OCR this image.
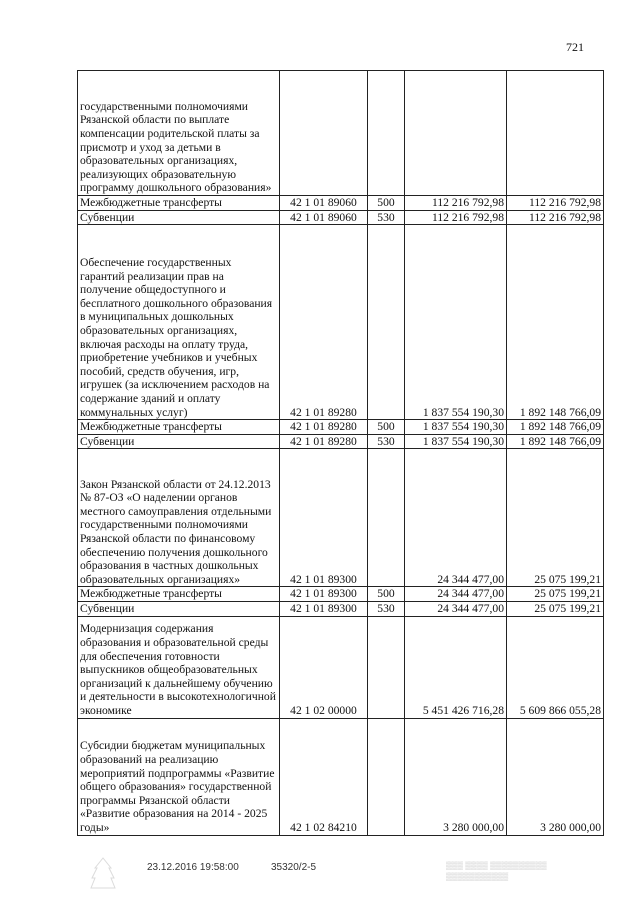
721
государственными полномочиями Рязанской области по выплате компенсации родительской платы за присмотр и уход за детьми в образовательных организациях, реализующих образовательную программу дошкольного образования»				
Межбюджетные трансферты	42 1 01 89060	500	112 216 792,98	112 216 792,98
Субвенции	42 1 01 89060	530	112 216 792,98	112 216 792,98
Обеспечение государственных гарантий реализации прав на получение общедоступного и бесплатного дошкольного образования в муниципальных дошкольных образовательных организациях, включая расходы на оплату труда, приобретение учебников и учебных пособий, средств обучения, игр, игрушек (за исключением расходов на содержание зданий и оплату коммунальных услуг)	42 1 01 89280		1 837 554 190,30	1 892 148 766,09
Межбюджетные трансферты	42 1 01 89280	500	1 837 554 190,30	1 892 148 766,09
Субвенции	42 1 01 89280	530	1 837 554 190,30	1 892 148 766,09
Закон Рязанской области от 24.12.2013 № 87-ОЗ «О наделении органов местного самоуправления отдельными государственными полномочиями Рязанской области по финансовому обеспечению получения дошкольного образования в частных дошкольных образовательных организациях»	42 1 01 89300		24 344 477,00	25 075 199,21
Межбюджетные трансферты	42 1 01 89300	500	24 344 477,00	25 075 199,21
Субвенции	42 1 01 89300	530	24 344 477,00	25 075 199,21
Модернизация содержания образования и образовательной среды для обеспечения готовности выпускников общеобразовательных организаций к дальнейшему обучению и деятельности в высокотехнологичной экономике	42 1 02 00000		5 451 426 716,28	5 609 866 055,28
Субсидии бюджетам муниципальных образований на реализацию мероприятий подпрограммы «Развитие общего образования» государственной программы Рязанской области «Развитие образования на 2014 - 2025 годы»	42 1 02 84210		3 280 000,00	3 280 000,00
23.12.2016 19:58:00	35320/2-5	▒▒▒ ▒▒▒▒ ▒▒▒▒▒▒▒▒▒▒
▒▒▒▒▒▒▒▒▒▒▒
